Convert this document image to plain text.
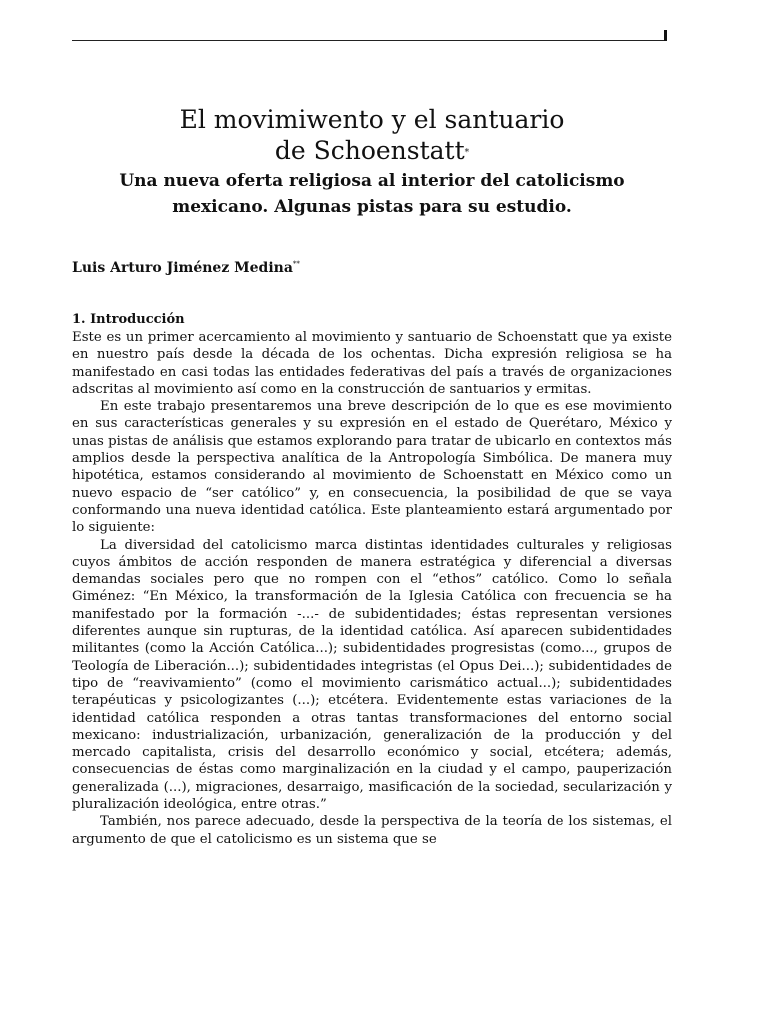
El movimiwento y el santuario
de Schoenstatt*
Una nueva oferta religiosa al interior del catolicismo mexicano. Algunas pistas para su estudio.
Luis Arturo Jiménez Medina**
1. Introducción

Este es un primer acercamiento al movimiento y santuario de Schoenstatt que ya existe en nuestro país desde la década de los ochentas. Dicha expresión religiosa se ha manifestado en casi todas las entidades federativas del país a través de organizaciones adscritas al movimiento así como en la construcción de santuarios y ermitas.

En este trabajo presentaremos una breve descripción de lo que es ese movimiento en sus características generales y su expresión en el estado de Querétaro, México y unas pistas de análisis que estamos explorando para tratar de ubicarlo en contextos más amplios desde la perspectiva analítica de la Antropología Simbólica. De manera muy hipotética, estamos considerando al movimiento de Schoenstatt en México como un nuevo espacio de “ser católico” y, en consecuencia, la posibilidad de que se vaya conformando una nueva identidad católica. Este planteamiento estará argumentado por lo siguiente:

La diversidad del catolicismo marca distintas identidades culturales y religiosas cuyos ámbitos de acción responden de manera estratégica y diferencial a diversas demandas sociales pero que no rompen con el “ethos” católico. Como lo señala Giménez: “En México, la transformación de la Iglesia Católica con frecuencia se ha manifestado por la formación -...- de subidentidades; éstas representan versiones diferentes aunque sin rupturas, de la identidad católica. Así aparecen subidentidades militantes (como la Acción Católica...); subidentidades progresistas (como..., grupos de Teología de Liberación...); subidentidades integristas (el Opus Dei...); subidentidades de tipo de “reavivamiento” (como el movimiento carismático actual...); subidentidades terapéuticas y psicologizantes (...); etcétera. Evidentemente estas variaciones de la identidad católica responden a otras tantas transformaciones del entorno social mexicano: industrialización, urbanización, generalización de la producción y del mercado capitalista, crisis del desarrollo económico y social, etcétera; además, consecuencias de éstas como marginalización en la ciudad y el campo, pauperización generalizada (...), migraciones, desarraigo, masificación de la sociedad, secularización y pluralización ideológica, entre otras.”

También, nos parece adecuado, desde la perspectiva de la teoría de los sistemas, el argumento de que el catolicismo es un sistema que se
